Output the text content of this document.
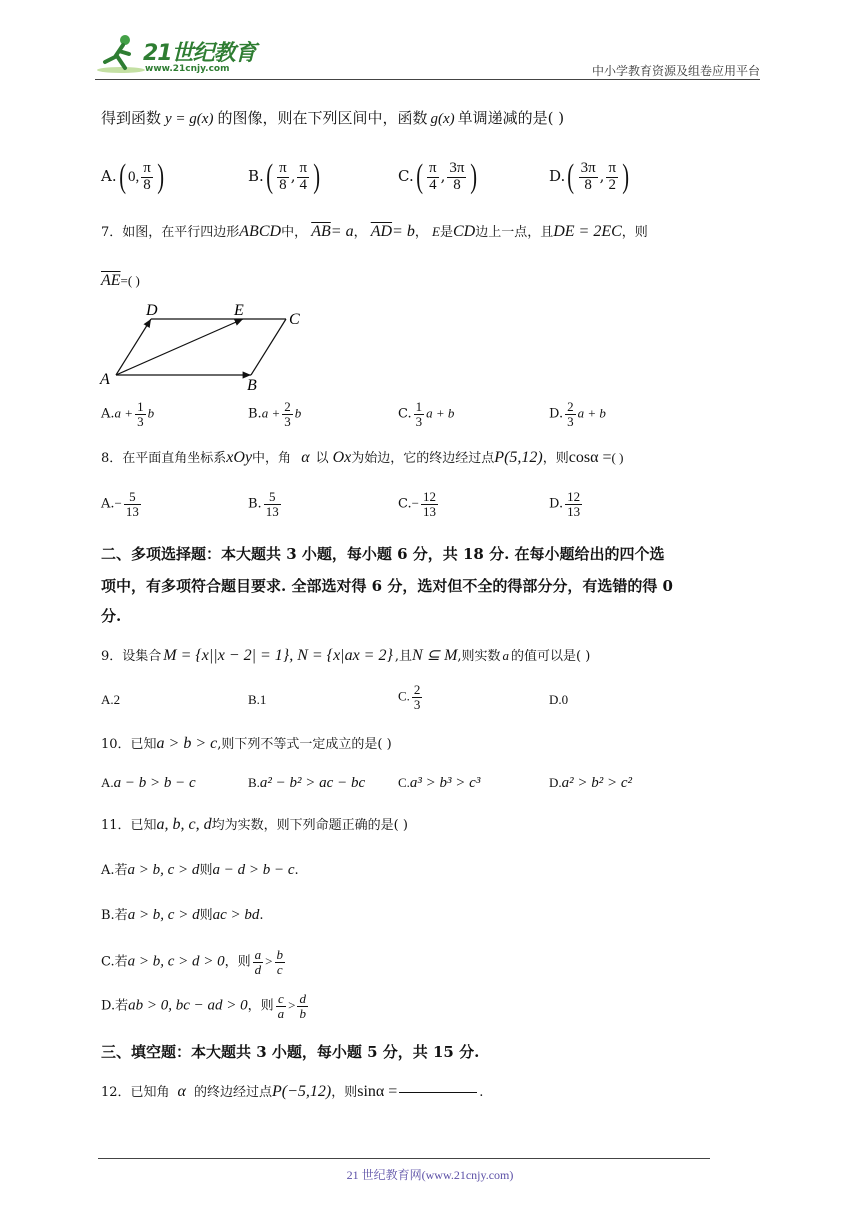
21世纪教育
www.21cnjy.com	中小学教育资源及组卷应用平台
得到函数 y = g(x) 的图像，则在下列区间中，函数 g(x) 单调递减的是( )
A.( 0, $\frac{\pi}{8}$ )	$B.( \frac{\pi}{8}$ , $\frac{\pi}{4}$ )	$C.( \frac{\pi}{4}$ , $\frac{3\pi}{8}$ )	$D.( \frac{3\pi}{8}$ , $\frac{\pi}{2}$ )
7．如图，在平行四边形ABCD中， $\overline{AB}= a$， $\overline{AD}= b$， E是CD边上一点，且DE = 2EC，则
$\overline{AE}=$( )
A	B
C
D	E
$A.a + \frac{1}{3}$ b	$B.a + \frac{2}{3}$ b	C. $\frac{1}{3}$ a + b	D. $\frac{2}{3}$ a + b
8．在平面直角坐标系xOy中，角 α 以 Ox为始边，它的终边经过点P(5,12)，则cosα =( )
$A.- \frac{5}{13}$	B. $\frac{5}{13}$	$C.- \frac{12}{13}$	D. $\frac{12}{13}$
二、多项选择题：本大题共 3 小题，每小题 6 分，共 18 分. 在每小题给出的四个选
项中，有多项符合题目要求. 全部选对得 6 分，选对但不全的得部分分，有选错的得 0
分.
9．设集合 M = {x||x − 2| = 1}, N = {x|ax = 2} ,且N ⊆ M,则实数 a 的值可以是( )
A.2	B.1	C. $\frac{2}{3}$	D.0
10．已知a > b > c,则下列不等式一定成立的是( )
A.a − b > b − c	B.a² − b² > ac − bc	C.a³ > b³ > c³	D.a² > b² > c²
11．已知a, b, c, d均为实数，则下列命题正确的是( )
A.若a > b, c > d则a − d > b − c.
B.若a > b, c > d则ac > bd.
C.若a > b, c > d > 0，则 $\frac{a}{d} > \frac{b}{c}$
D.若ab > 0, bc − ad > 0，则 $\frac{c}{a} > \frac{d}{b}$
三、填空题：本大题共 3 小题，每小题 5 分，共 15 分.
12．已知角 α 的终边经过点P(−5,12)，则sinα =	.
21 世纪教育网(www.21cnjy.com)
